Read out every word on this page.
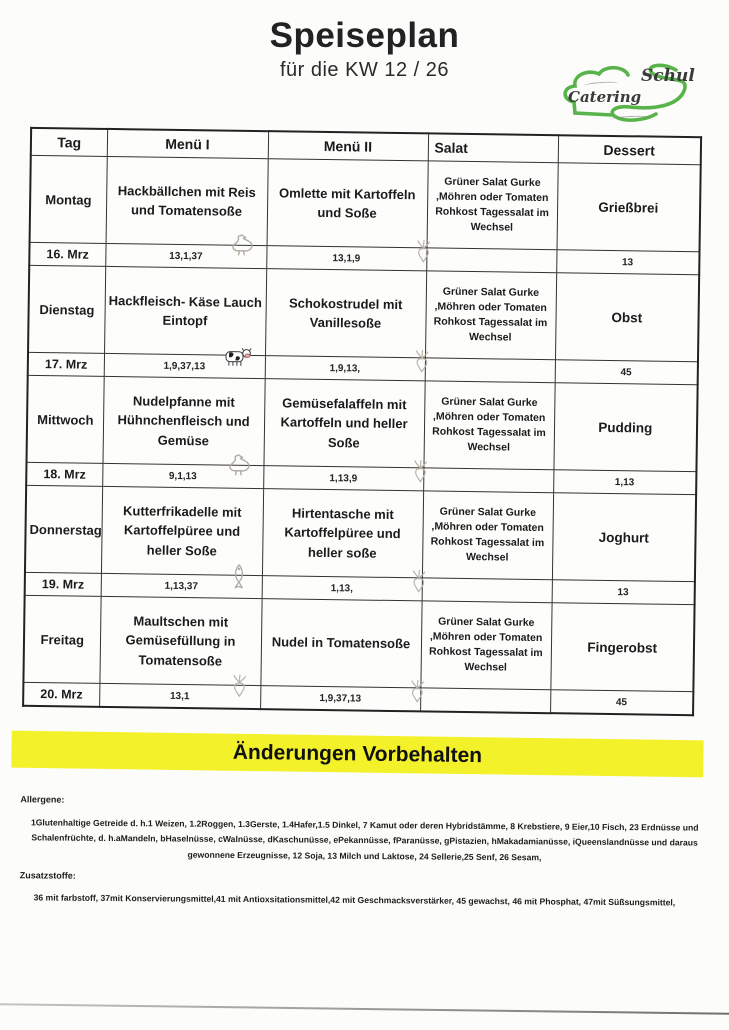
Speiseplan
für die KW 12 / 26
Catering
Schul
Tag	Menü I	Menü II	Salat	Dessert
Montag	Hackbällchen mit Reis und Tomatensoße	Omlette mit Kartoffeln und Soße	Grüner Salat Gurke ,Möhren oder Tomaten Rohkost Tagessalat im Wechsel	Grießbrei
16. Mrz	13,1,37	13,1,9		13
Dienstag	Hackfleisch- Käse Lauch Eintopf	Schokostrudel mit Vanillesoße	Grüner Salat Gurke ,Möhren oder Tomaten Rohkost Tagessalat im Wechsel	Obst
17. Mrz	1,9,37,13	1,9,13,		45
Mittwoch	Nudelpfanne mit Hühnchenfleisch und Gemüse	Gemüsefalaffeln mit Kartoffeln und heller Soße	Grüner Salat Gurke ,Möhren oder Tomaten Rohkost Tagessalat im Wechsel	Pudding
18. Mrz	9,1,13	1,13,9		1,13
Donnerstag	Kutterfrikadelle mit Kartoffelpüree und heller Soße	Hirtentasche mit Kartoffelpüree und heller soße	Grüner Salat Gurke ,Möhren oder Tomaten Rohkost Tagessalat im Wechsel	Joghurt
19. Mrz	1,13,37	1,13,		13
Freitag	Maultschen mit Gemüsefüllung in Tomatensoße	Nudel in Tomatensoße	Grüner Salat Gurke ,Möhren oder Tomaten Rohkost Tagessalat im Wechsel	Fingerobst
20. Mrz	13,1	1,9,37,13		45
Änderungen Vorbehalten
Allergene:
1Glutenhaltige Getreide d. h.1 Weizen, 1.2Roggen, 1.3Gerste, 1.4Hafer,1.5 Dinkel, 7 Kamut oder deren Hybridstämme, 8 Krebstiere, 9 Eier,10 Fisch, 23 Erdnüsse und Schalenfrüchte, d. h.aMandeln, bHaselnüsse, cWalnüsse, dKaschunüsse, ePekannüsse, fParanüsse, gPistazien, hMakadamianüsse, iQueenslandnüsse und daraus gewonnene Erzeugnisse, 12 Soja, 13 Milch und Laktose, 24 Sellerie,25 Senf, 26 Sesam,
Zusatzstoffe:
36 mit farbstoff, 37mit Konservierungsmittel,41 mit Antioxsitationsmittel,42 mit Geschmacksverstärker, 45 gewachst, 46 mit Phosphat, 47mit Süßsungsmittel,
